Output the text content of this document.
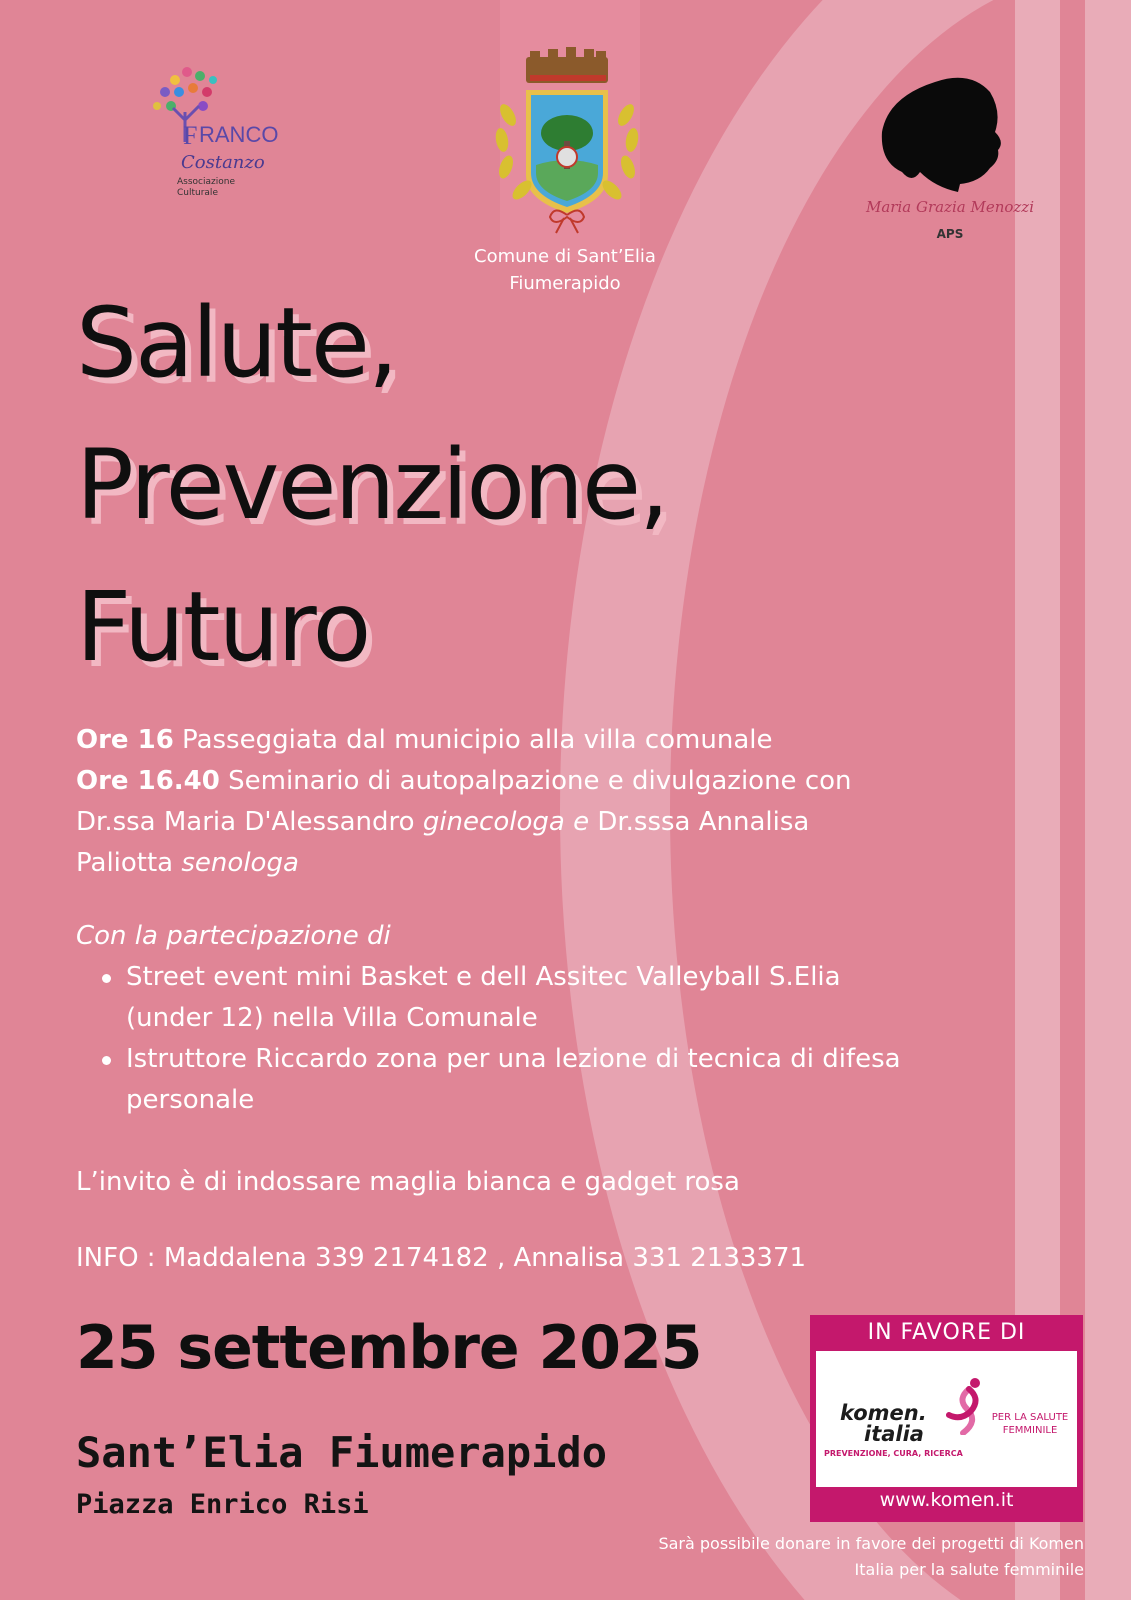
F RANCO
Costanzo
Associazione
Culturale
Comune di Sant’Elia
Fiumerapido
Maria Grazia Menozzi
APS
Salute,
Prevenzione,
Futuro

Ore 16 Passeggiata dal municipio alla villa comunale

Ore 16.40 Seminario di autopalpazione e divulgazione con Dr.ssa Maria D'Alessandro ginecologa e Dr.sssa Annalisa Paliotta senologa

Con la partecipazione di

Street event mini Basket e dell Assitec Valleyball S.Elia (under 12) nella Villa Comunale
Istruttore Riccardo zona per una lezione di tecnica di difesa personale

L’invito è di indossare maglia bianca e gadget rosa

INFO : Maddalena 339 2174182 , Annalisa 331 2133371

25 settembre 2025
Sant’Elia Fiumerapido

Piazza Enrico Risi

IN FAVORE DI
komen.
italia
PREVENZIONE, CURA, RICERCA
PER LA SALUTE FEMMINILE
www.komen.it

Sarà possibile donare in favore dei progetti di Komen Italia per la salute femminile
